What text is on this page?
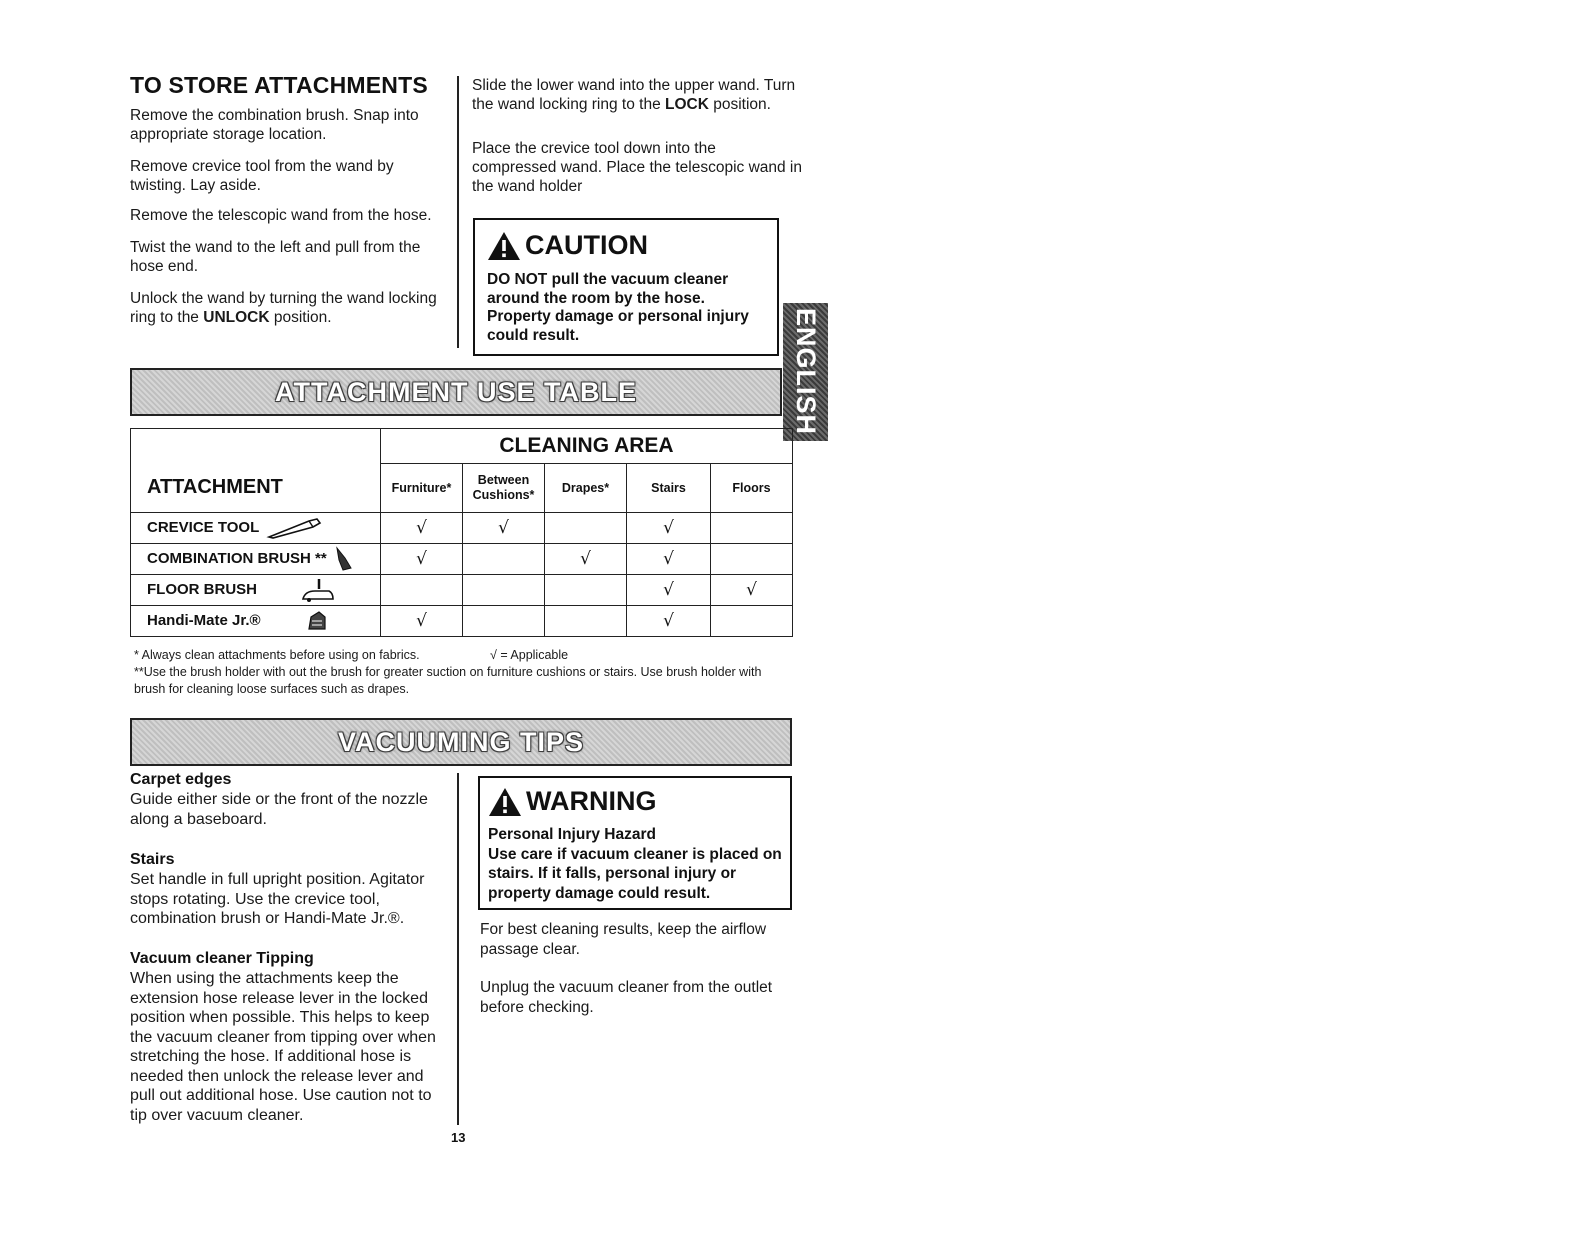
TO STORE ATTACHMENTS
Remove the combination brush. Snap into appropriate storage location.
Remove crevice tool from the wand by twisting. Lay aside.
Remove the telescopic wand from the hose.
Twist the wand to the left and pull from the hose end.
Unlock the wand by turning the wand locking ring to the UNLOCK position.
Slide the lower wand into the upper wand. Turn the wand locking ring to the LOCK position.
Place the crevice tool down into the compressed wand. Place the telescopic wand in the wand holder
CAUTION
DO NOT pull the vacuum cleaner around the room by the hose. Property damage or personal injury could result.	ENGLISH
ATTACHMENT USE TABLE
	CLEANING AREA				
ATTACHMENT	Furniture*	Between Cushions*	Drapes*	Stairs	Floors
CREVICE TOOL	√	√		√	
COMBINATION BRUSH **	√		√	√	
FLOOR BRUSH				√	√
Handi-Mate Jr.®	√			√	
* Always clean attachments before using on fabrics.	√ = Applicable
**Use the brush holder with out the brush for greater suction on furniture cushions or stairs. Use brush holder with brush for cleaning loose surfaces such as drapes.
VACUUMING TIPS
Carpet edges
Guide either side or the front of the nozzle along a baseboard.
Stairs
Set handle in full upright position. Agitator stops rotating. Use the crevice tool, combination brush or Handi-Mate Jr.®.
Vacuum cleaner Tipping
When using the attachments keep the extension hose release lever in the locked position when possible. This helps to keep the vacuum cleaner from tipping over when stretching the hose. If additional hose is needed then unlock the release lever and pull out additional hose. Use caution not to tip over vacuum cleaner.
WARNING
Personal Injury Hazard
Use care if vacuum cleaner is placed on stairs. If it falls, personal injury or property damage could result.
For best cleaning results, keep the airflow passage clear.
Unplug the vacuum cleaner from the outlet before checking.
13
